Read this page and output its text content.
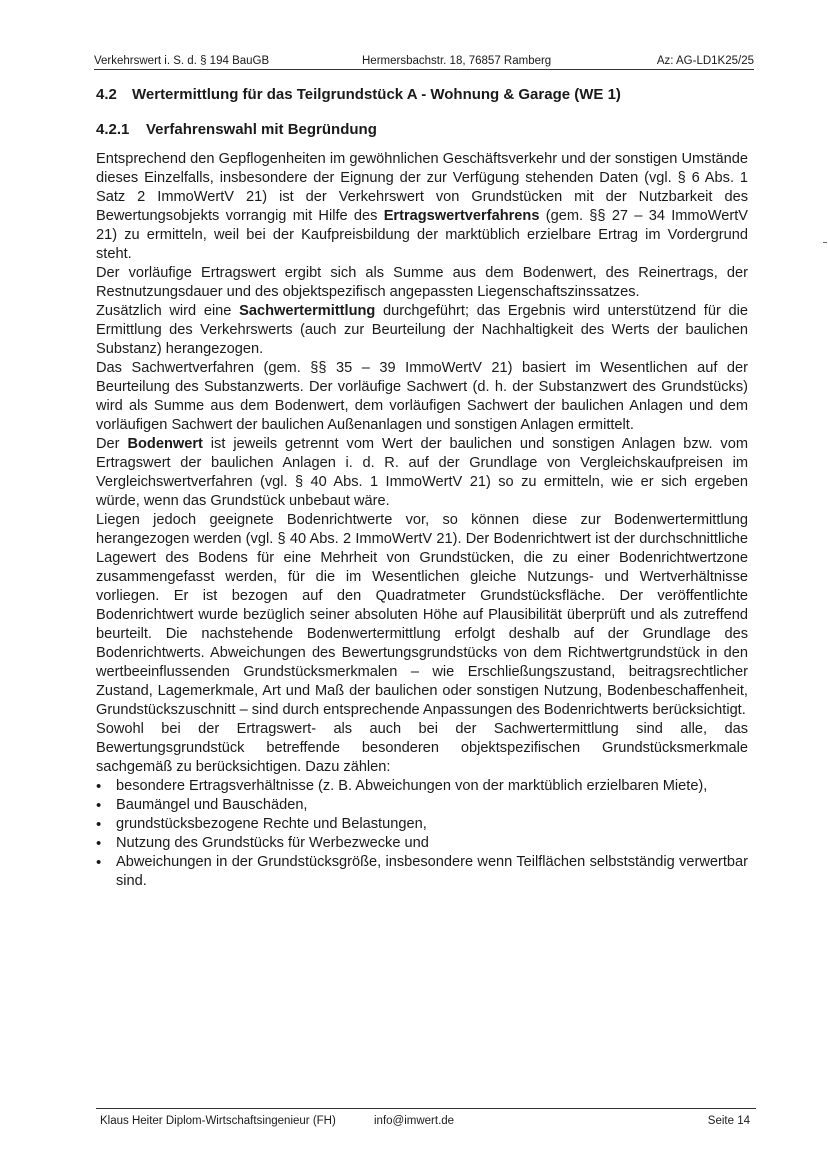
Verkehrswert i. S. d. § 194 BauGB	Hermersbachstr. 18, 76857 Ramberg	Az: AG-LD1K25/25
4.2 Wertermittlung für das Teilgrundstück A - Wohnung & Garage (WE 1)
4.2.1 Verfahrenswahl mit Begründung

Entsprechend den Gepflogenheiten im gewöhnlichen Geschäftsverkehr und der sonstigen Umstände dieses Einzelfalls, insbesondere der Eignung der zur Verfügung stehenden Daten (vgl. § 6 Abs. 1 Satz 2 ImmoWertV 21) ist der Verkehrswert von Grundstücken mit der Nutzbarkeit des Bewertungsobjekts vorrangig mit Hilfe des Ertragswertverfahrens (gem. §§ 27 – 34 ImmoWertV 21) zu ermitteln, weil bei der Kaufpreisbildung der marktüblich erzielbare Ertrag im Vordergrund steht.

Der vorläufige Ertragswert ergibt sich als Summe aus dem Bodenwert, des Reinertrags, der Restnutzungsdauer und des objektspezifisch angepassten Liegenschaftszinssatzes.

Zusätzlich wird eine Sachwertermittlung durchgeführt; das Ergebnis wird unterstützend für die Ermittlung des Verkehrswerts (auch zur Beurteilung der Nachhaltigkeit des Werts der baulichen Substanz) herangezogen.

Das Sachwertverfahren (gem. §§ 35 – 39 ImmoWertV 21) basiert im Wesentlichen auf der Beurteilung des Substanzwerts. Der vorläufige Sachwert (d. h. der Substanzwert des Grundstücks) wird als Summe aus dem Bodenwert, dem vorläufigen Sachwert der baulichen Anlagen und dem vorläufigen Sachwert der baulichen Außenanlagen und sonstigen Anlagen ermittelt.

Der Bodenwert ist jeweils getrennt vom Wert der baulichen und sonstigen Anlagen bzw. vom Ertragswert der baulichen Anlagen i. d. R. auf der Grundlage von Vergleichskaufpreisen im Vergleichswertverfahren (vgl. § 40 Abs. 1 ImmoWertV 21) so zu ermitteln, wie er sich ergeben würde, wenn das Grundstück unbebaut wäre.

Liegen jedoch geeignete Bodenrichtwerte vor, so können diese zur Bodenwertermittlung herangezogen werden (vgl. § 40 Abs. 2 ImmoWertV 21). Der Bodenrichtwert ist der durchschnittliche Lagewert des Bodens für eine Mehrheit von Grundstücken, die zu einer Bodenrichtwertzone zusammengefasst werden, für die im Wesentlichen gleiche Nutzungs- und Wertverhältnisse vorliegen. Er ist bezogen auf den Quadratmeter Grundstücksfläche. Der veröffentlichte Bodenrichtwert wurde bezüglich seiner absoluten Höhe auf Plausibilität überprüft und als zutreffend beurteilt. Die nachstehende Bodenwertermittlung erfolgt deshalb auf der Grundlage des Bodenrichtwerts. Abweichungen des Bewertungsgrundstücks von dem Richtwertgrundstück in den wertbeeinflussenden Grundstücksmerkmalen – wie Erschließungszustand, beitragsrechtlicher Zustand, Lagemerkmale, Art und Maß der baulichen oder sonstigen Nutzung, Bodenbeschaffenheit, Grundstückszuschnitt – sind durch entsprechende Anpassungen des Bodenrichtwerts berücksichtigt.

Sowohl bei der Ertragswert- als auch bei der Sachwertermittlung sind alle, das Bewertungsgrundstück betreffende besonderen objektspezifischen Grundstücksmerkmale sachgemäß zu berücksichtigen. Dazu zählen:

• besondere Ertragsverhältnisse (z. B. Abweichungen von der marktüblich erzielbaren Miete),
• Baumängel und Bauschäden,
• grundstücksbezogene Rechte und Belastungen,
• Nutzung des Grundstücks für Werbezwecke und
• Abweichungen in der Grundstücksgröße, insbesondere wenn Teilflächen selbstständig verwertbar sind.
Klaus Heiter Diplom-Wirtschaftsingenieur (FH)	info@imwert.de	Seite 14
